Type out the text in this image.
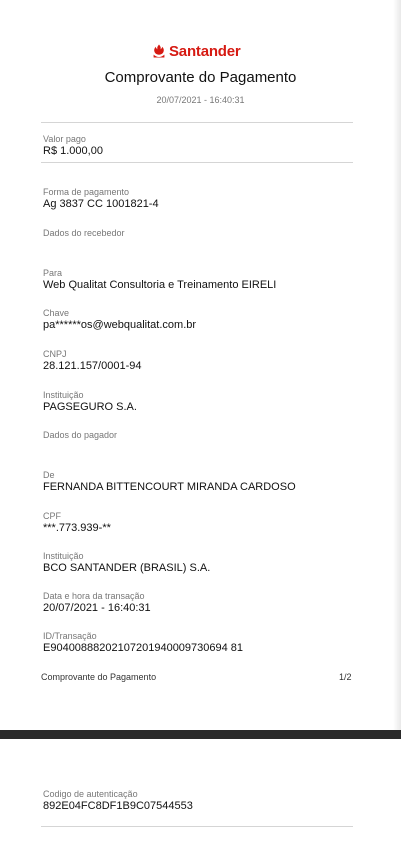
Santander
Comprovante do Pagamento
20/07/2021 - 16:40:31
Valor pago
R$ 1.000,00
Forma de pagamento
Ag 3837 CC 1001821-4
Dados do recebedor
Para
Web Qualitat Consultoria e Treinamento EIRELI
Chave
pa******os@webqualitat.com.br
CNPJ
28.121.157/0001-94
Instituição
PAGSEGURO S.A.
Dados do pagador
De
FERNANDA BITTENCOURT MIRANDA CARDOSO
CPF
***.773.939-**
Instituição
BCO SANTANDER (BRASIL) S.A.
Data e hora da transação
20/07/2021 - 16:40:31
ID/Transação
E90400888202107201940009730694 81
Comprovante do Pagamento	1/2
Codigo de autenticação
892E04FC8DF1B9C07544553
